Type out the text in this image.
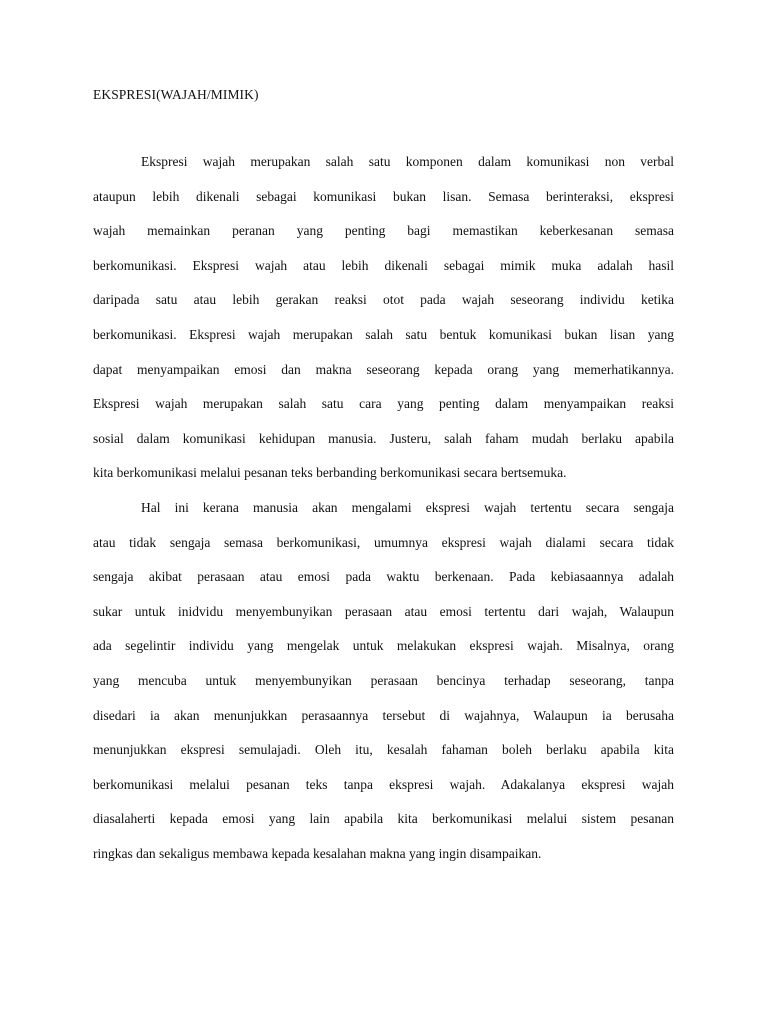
EKSPRESI(WAJAH/MIMIK)
Ekspresi wajah merupakan salah satu komponen dalam komunikasi non verbal
ataupun lebih dikenali sebagai komunikasi bukan lisan. Semasa berinteraksi, ekspresi
wajah memainkan peranan yang penting bagi memastikan keberkesanan semasa
berkomunikasi. Ekspresi wajah atau lebih dikenali sebagai mimik muka adalah hasil
daripada satu atau lebih gerakan reaksi otot pada wajah seseorang individu ketika
berkomunikasi. Ekspresi wajah merupakan salah satu bentuk komunikasi bukan lisan yang
dapat menyampaikan emosi dan makna seseorang kepada orang yang memerhatikannya.
Ekspresi wajah merupakan salah satu cara yang penting dalam menyampaikan reaksi
sosial dalam komunikasi kehidupan manusia. Justeru, salah faham mudah berlaku apabila
kita berkomunikasi melalui pesanan teks berbanding berkomunikasi secara bertsemuka.
Hal ini kerana manusia akan mengalami ekspresi wajah tertentu secara sengaja
atau tidak sengaja semasa berkomunikasi, umumnya ekspresi wajah dialami secara tidak
sengaja akibat perasaan atau emosi pada waktu berkenaan. Pada kebiasaannya adalah
sukar untuk inidvidu menyembunyikan perasaan atau emosi tertentu dari wajah, Walaupun
ada segelintir individu yang mengelak untuk melakukan ekspresi wajah. Misalnya, orang
yang mencuba untuk menyembunyikan perasaan bencinya terhadap seseorang, tanpa
disedari ia akan menunjukkan perasaannya tersebut di wajahnya, Walaupun ia berusaha
menunjukkan ekspresi semulajadi. Oleh itu, kesalah fahaman boleh berlaku apabila kita
berkomunikasi melalui pesanan teks tanpa ekspresi wajah. Adakalanya ekspresi wajah
diasalaherti kepada emosi yang lain apabila kita berkomunikasi melalui sistem pesanan
ringkas dan sekaligus membawa kepada kesalahan makna yang ingin disampaikan.
